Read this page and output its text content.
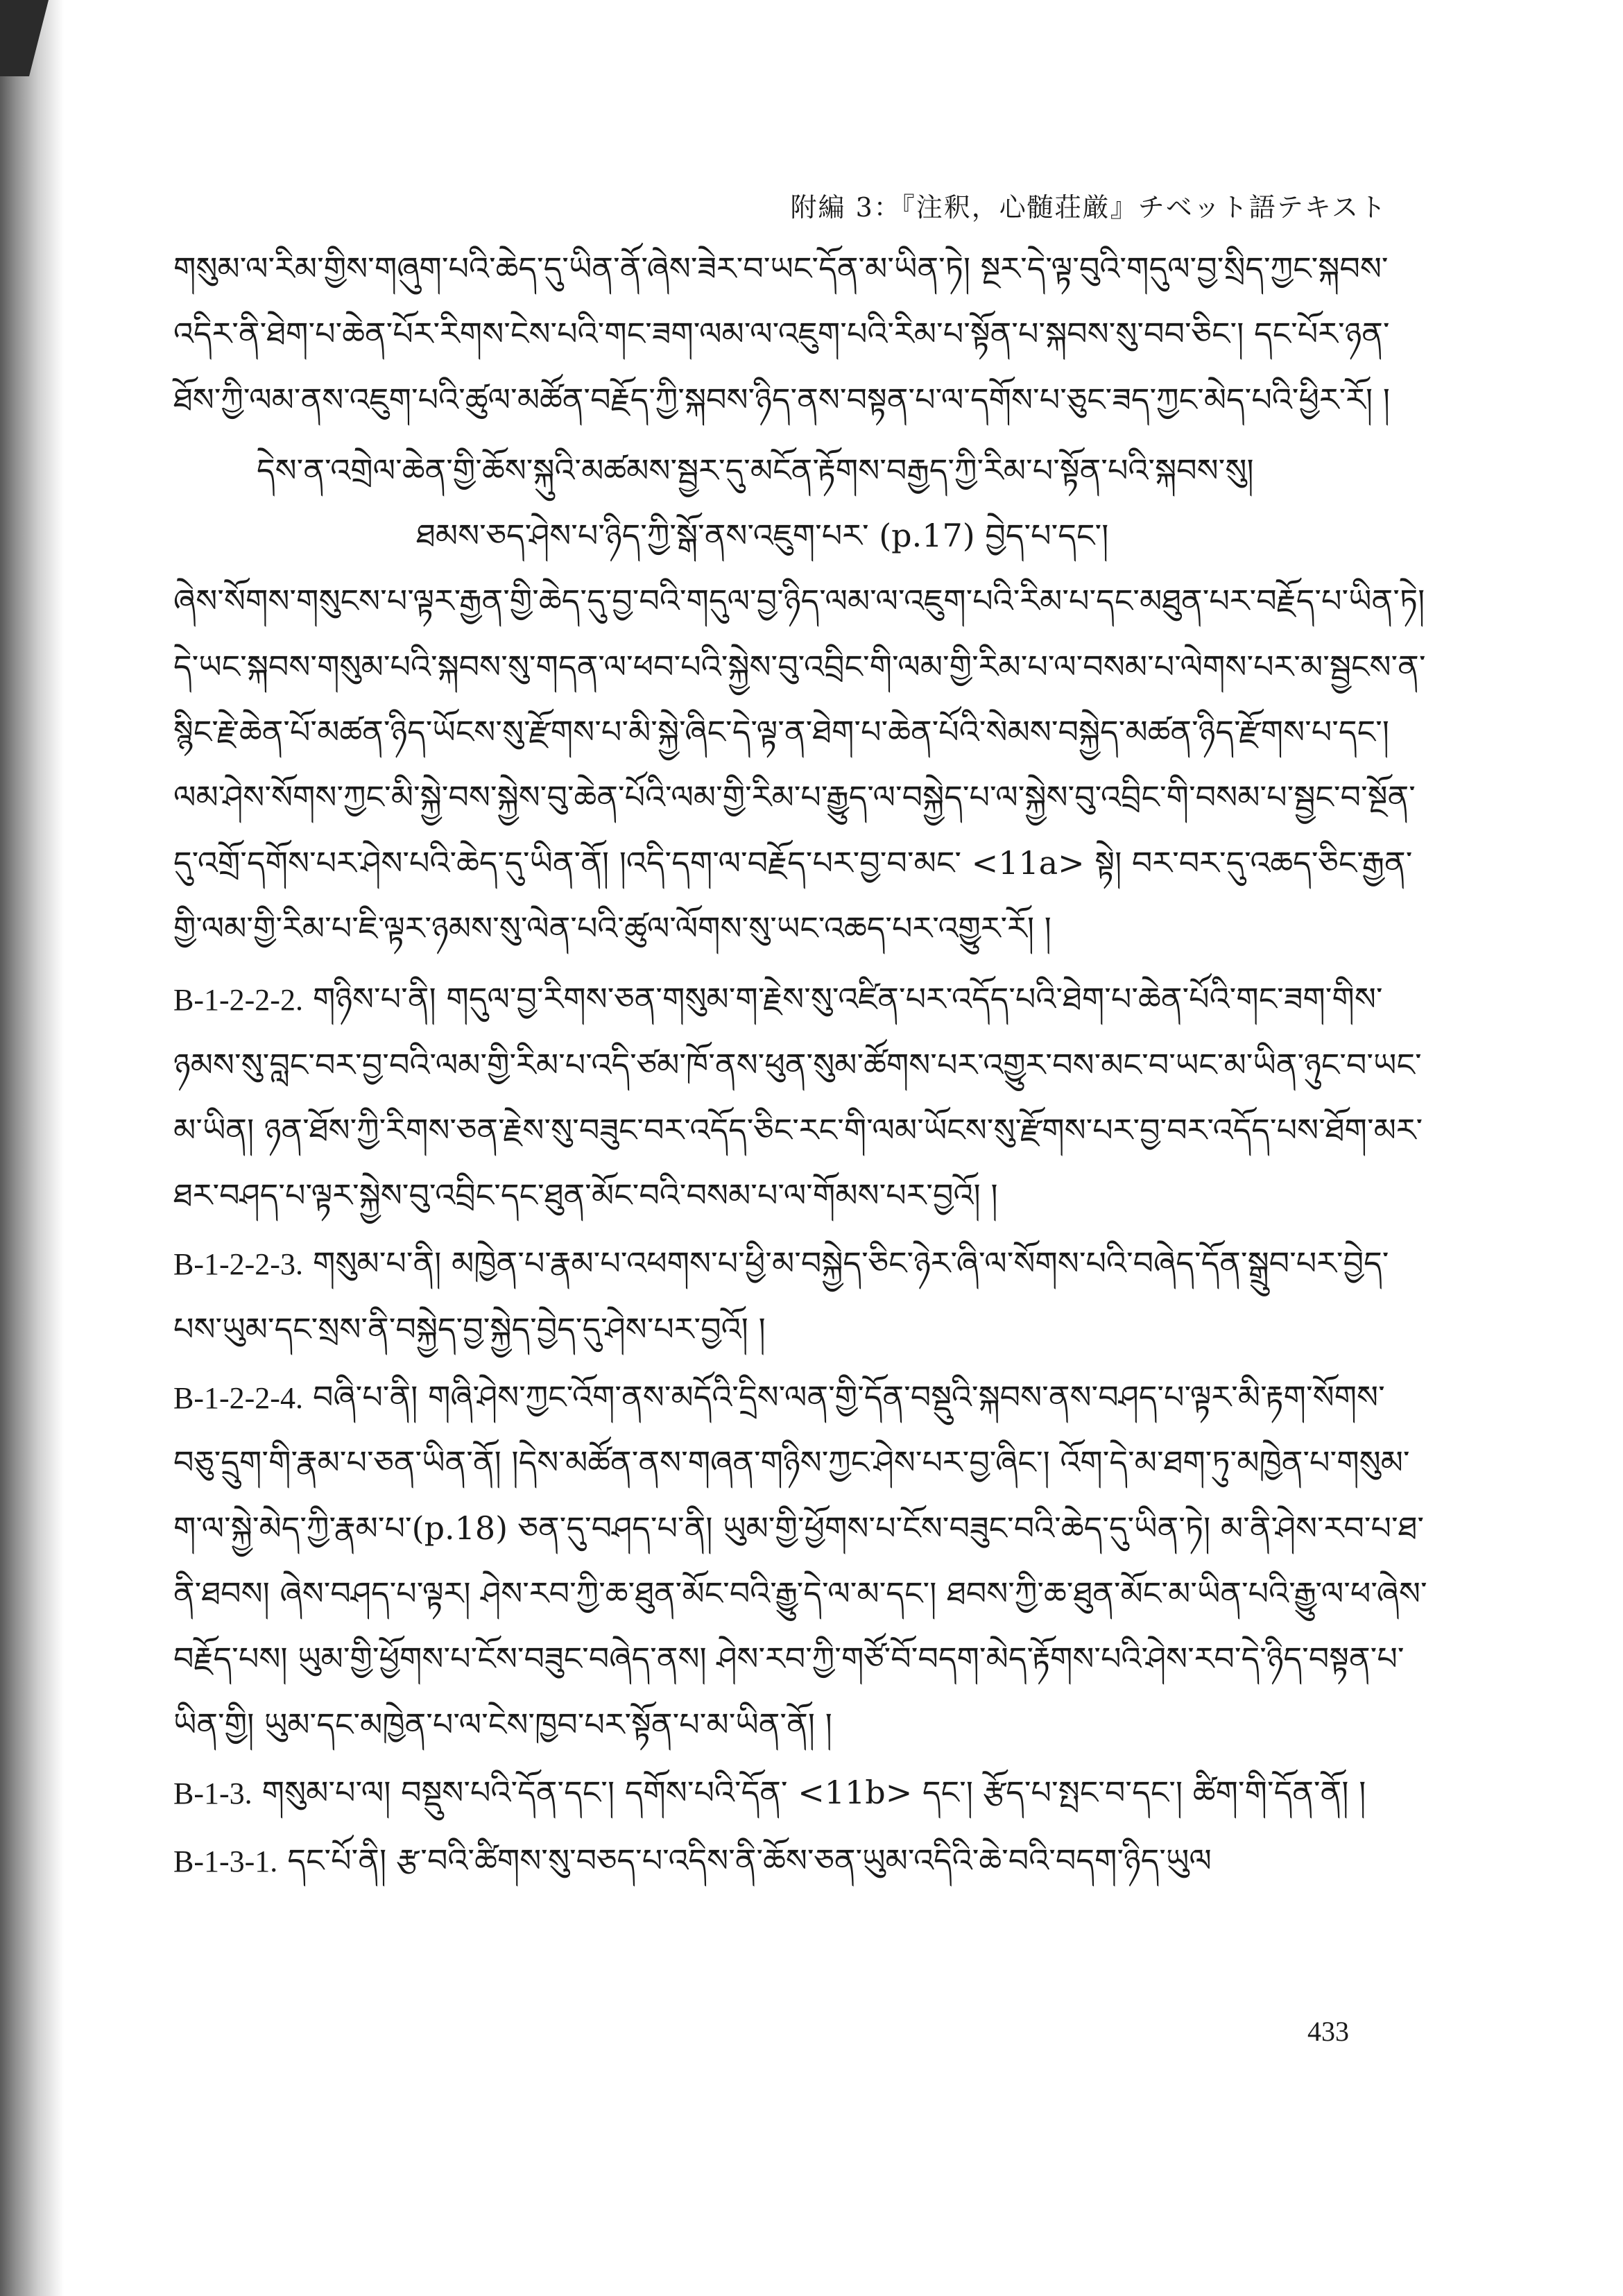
附編 3：『注釈，心髄荘厳』チベット語テキスト

གསུམ་ལ་རིམ་གྱིས་གཞུག་པའི་ཆེད་དུ་ཡིན་ནོ་ཞེས་ཟེར་བ་ཡང་དོན་མ་ཡིན་ཏེ། སྔར་དེ་ལྟ་བུའི་གདུལ་བྱ་སྲིད་ཀྱང་སྐབས་འདིར་ནི་ཐེག་པ་ཆེན་པོར་རིགས་ངེས་པའི་གང་ཟག་ལམ་ལ་འཇུག་པའི་རིམ་པ་སྟོན་པ་སྐབས་སུ་བབ་ཅིང་། དང་པོར་ཉན་ཐོས་ཀྱི་ལམ་ནས་འཇུག་པའི་ཚུལ་མཚོན་བརྗོད་ཀྱི་སྐབས་ཉིད་ནས་བསྟན་པ་ལ་དགོས་པ་ཅུང་ཟད་ཀྱང་མེད་པའི་ཕྱིར་རོ། །

དེས་ན་འགྲེལ་ཆེན་གྱི་ཆོས་སྐུའི་མཚམས་སྦྱར་དུ་མངོན་རྟོགས་བརྒྱད་ཀྱི་རིམ་པ་སྟོན་པའི་སྐབས་སུ།
ཐམས་ཅད་ཤེས་པ་ཉིད་ཀྱི་སྒོ་ནས་འཇུག་པར་ (p.17) བྱེད་པ་དང་།

ཞེས་སོགས་གསུངས་པ་ལྟར་རྒྱན་གྱི་ཆེད་དུ་བྱ་བའི་གདུལ་བྱ་ཉིད་ལམ་ལ་འཇུག་པའི་རིམ་པ་དང་མཐུན་པར་བརྗོད་པ་ཡིན་ཏེ། དེ་ཡང་སྐབས་གསུམ་པའི་སྐབས་སུ་གདན་ལ་ཕབ་པའི་སྐྱེས་བུ་འབྲིང་གི་ལམ་གྱི་རིམ་པ་ལ་བསམ་པ་ལེགས་པར་མ་སྦྱངས་ན་སྙིང་རྗེ་ཆེན་པོ་མཚན་ཉིད་ཡོངས་སུ་རྫོགས་པ་མི་སྐྱེ་ཞིང་དེ་ལྟ་ན་ཐེག་པ་ཆེན་པོའི་སེམས་བསྐྱེད་མཚན་ཉིད་རྫོགས་པ་དང་། ལམ་ཤེས་སོགས་ཀྱང་མི་སྐྱེ་བས་སྐྱེས་བུ་ཆེན་པོའི་ལམ་གྱི་རིམ་པ་རྒྱུད་ལ་བསྐྱེད་པ་ལ་སྐྱེས་བུ་འབྲིང་གི་བསམ་པ་སྦྱང་བ་སྔོན་དུ་འགྲོ་དགོས་པར་ཤེས་པའི་ཆེད་དུ་ཡིན་ནོ། །འདི་དག་ལ་བརྗོད་པར་བྱ་བ་མང་ <11a> སྟེ། བར་བར་དུ་འཆད་ཅིང་རྒྱན་གྱི་ལམ་གྱི་རིམ་པ་ཇི་ལྟར་ཉམས་སུ་ལེན་པའི་ཚུལ་ལོགས་སུ་ཡང་འཆད་པར་འགྱུར་རོ། །

B-1-2-2-2. གཉིས་པ་ནི། གདུལ་བྱ་རིགས་ཅན་གསུམ་ག་རྗེས་སུ་འཛིན་པར་འདོད་པའི་ཐེག་པ་ཆེན་པོའི་གང་ཟག་གིས་ཉམས་སུ་བླང་བར་བྱ་བའི་ལམ་གྱི་རིམ་པ་འདི་ཙམ་ཁོ་ནས་ཕུན་སུམ་ཚོགས་པར་འགྱུར་བས་མང་བ་ཡང་མ་ཡིན་ཉུང་བ་ཡང་མ་ཡིན། ཉན་ཐོས་ཀྱི་རིགས་ཅན་རྗེས་སུ་བཟུང་བར་འདོད་ཅིང་རང་གི་ལམ་ཡོངས་སུ་རྫོགས་པར་བྱ་བར་འདོད་པས་ཐོག་མར་ཐར་བཤད་པ་ལྟར་སྐྱེས་བུ་འབྲིང་དང་ཐུན་མོང་བའི་བསམ་པ་ལ་གོམས་པར་བྱའོ། །
B-1-2-2-3. གསུམ་པ་ནི། མཁྱེན་པ་རྣམ་པ་འཕགས་པ་ཕྱི་མ་བསྐྱེད་ཅིང་ཉེར་ཞི་ལ་སོགས་པའི་བཞེད་དོན་སྒྲུབ་པར་བྱེད་པས་ཡུམ་དང་སྲས་ནི་བསྐྱེད་བྱ་སྐྱེད་བྱེད་དུ་ཤེས་པར་བྱའོ། །
B-1-2-2-4. བཞི་པ་ནི། གཞི་ཤེས་ཀྱང་འོག་ནས་མདོའི་དྲིས་ལན་གྱི་དོན་བསྡུའི་སྐབས་ནས་བཤད་པ་ལྟར་མི་རྟག་སོགས་བཅུ་དྲུག་གི་རྣམ་པ་ཅན་ཡིན་ནོ། །དེས་མཚོན་ནས་གཞན་གཉིས་ཀྱང་ཤེས་པར་བྱ་ཞིང་། འོག་དེ་མ་ཐག་ཏུ་མཁྱེན་པ་གསུམ་ག་ལ་སྐྱེ་མེད་ཀྱི་རྣམ་པ་(p.18) ཅན་དུ་བཤད་པ་ནི། ཡུམ་གྱི་ཕྱོགས་པ་ངོས་བཟུང་བའི་ཆེད་དུ་ཡིན་ཏེ། མ་ནི་ཤེས་རབ་པ་ཐ་ནི་ཐབས། ཞེས་བཤད་པ་ལྟར། ཤེས་རབ་ཀྱི་ཆ་ཐུན་མོང་བའི་རྒྱུ་དེ་ལ་མ་དང་། ཐབས་ཀྱི་ཆ་ཐུན་མོང་མ་ཡིན་པའི་རྒྱུ་ལ་ཕ་ཞེས་བརྗོད་པས། ཡུམ་གྱི་ཕྱོགས་པ་ངོས་བཟུང་བཞེད་ནས། ཤེས་རབ་ཀྱི་གཙོ་བོ་བདག་མེད་རྟོགས་པའི་ཤེས་རབ་དེ་ཉིད་བསྟན་པ་ཡིན་གྱི། ཡུམ་དང་མཁྱེན་པ་ལ་ངེས་ཁྱབ་པར་སྟོན་པ་མ་ཡིན་ནོ། །
B-1-3. གསུམ་པ་ལ། བསྡུས་པའི་དོན་དང་། དགོས་པའི་དོན་ <11b> དང་། རྩོད་པ་སྤང་བ་དང་། ཚིག་གི་དོན་ནོ། །
B-1-3-1. དང་པོ་ནི། རྩ་བའི་ཚིགས་སུ་བཅད་པ་འདིས་ནི་ཆོས་ཅན་ཡུམ་འདིའི་ཆེ་བའི་བདག་ཉིད་ཡུལ
433
